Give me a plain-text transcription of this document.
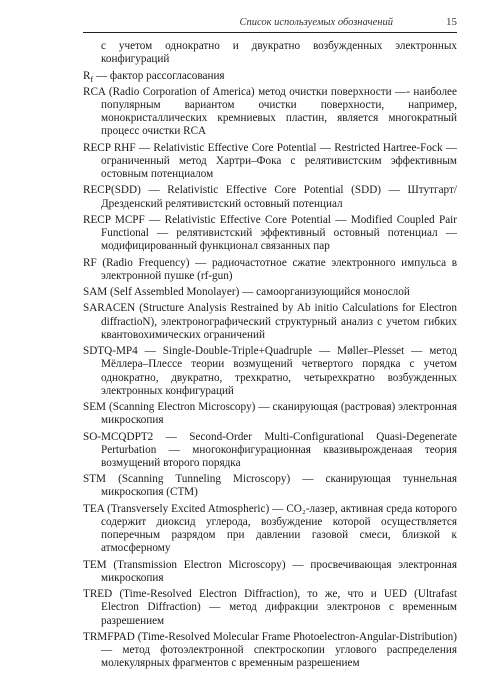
Список используемых обозначений	15

с учетом однократно и двукратно возбужденных электронных конфигураций

$R_f$ — фактор рассогласования

RCA (Radio Corporation of America) метод очистки поверхности —- наиболее популярным вариантом очистки поверхности, например, монокристаллических кремниевых пластин, является многократный процесс очистки RCA

RECP RHF — Relativistic Effective Core Potential — Restricted Hartree-Fock — ограниченный метод Хартри–Фока с релятивистским эффективным остовным потенциалом

RECP(SDD) — Relativistic Effective Core Potential (SDD) — Штутгарт/Дрезденский релятивистский остовный потенциал

RECP MCPF — Relativistic Effective Core Potential — Modified Coupled Pair Functional — релятивистский эффективный остовный потенциал — модифицированный функционал связанных пар

RF (Radio Frequency) — радиочастотное сжатие электронного импульса в электронной пушке (rf-gun)

SAM (Self Assembled Monolayer) — самоорганизующийся монослой

SARACEN (Structure Analysis Restrained by Ab initio Calculations for Electron diffractioN), электронографический структурный анализ с учетом гибких квантовохимических ограничений

SDTQ-MP4 — Single-Double-Triple+Quadruple — Møller–Plesset — метод Мёллера–Плессе теории возмущений четвертого порядка с учетом однократно, двукратно, трехкратно, четырехкратно возбужденных электронных конфигураций

SEM (Scanning Electron Microscopy) — сканирующая (растровая) электронная микроскопия

SO-MCQDPT2 — Second-Order Multi-Configurational Quasi-Degenerate Perturbation — многоконфигурационная квазивырожденаая теория возмущений второго порядка

STM (Scanning Tunneling Microscopy) — сканирующая туннельная микроскопия (СТМ)

TEA (Transversely Excited Atmospheric) — CO₂-лазер, активная среда которого содержит диоксид углерода, возбуждение которой осуществляется поперечным разрядом при давлении газовой смеси, близкой к атмосферному

TEM (Transmission Electron Microscopy) — просвечивающая электронная микроскопия

TRED (Time-Resolved Electron Diffraction), то же, что и UED (Ultrafast Electron Diffraction) — метод дифракции электронов с временным разрешением

TRMFPAD (Time-Resolved Molecular Frame Photoelectron-Angular-Distribution) — метод фотоэлектронной спектроскопии углового распределения молекулярных фрагментов с временным разрешением
